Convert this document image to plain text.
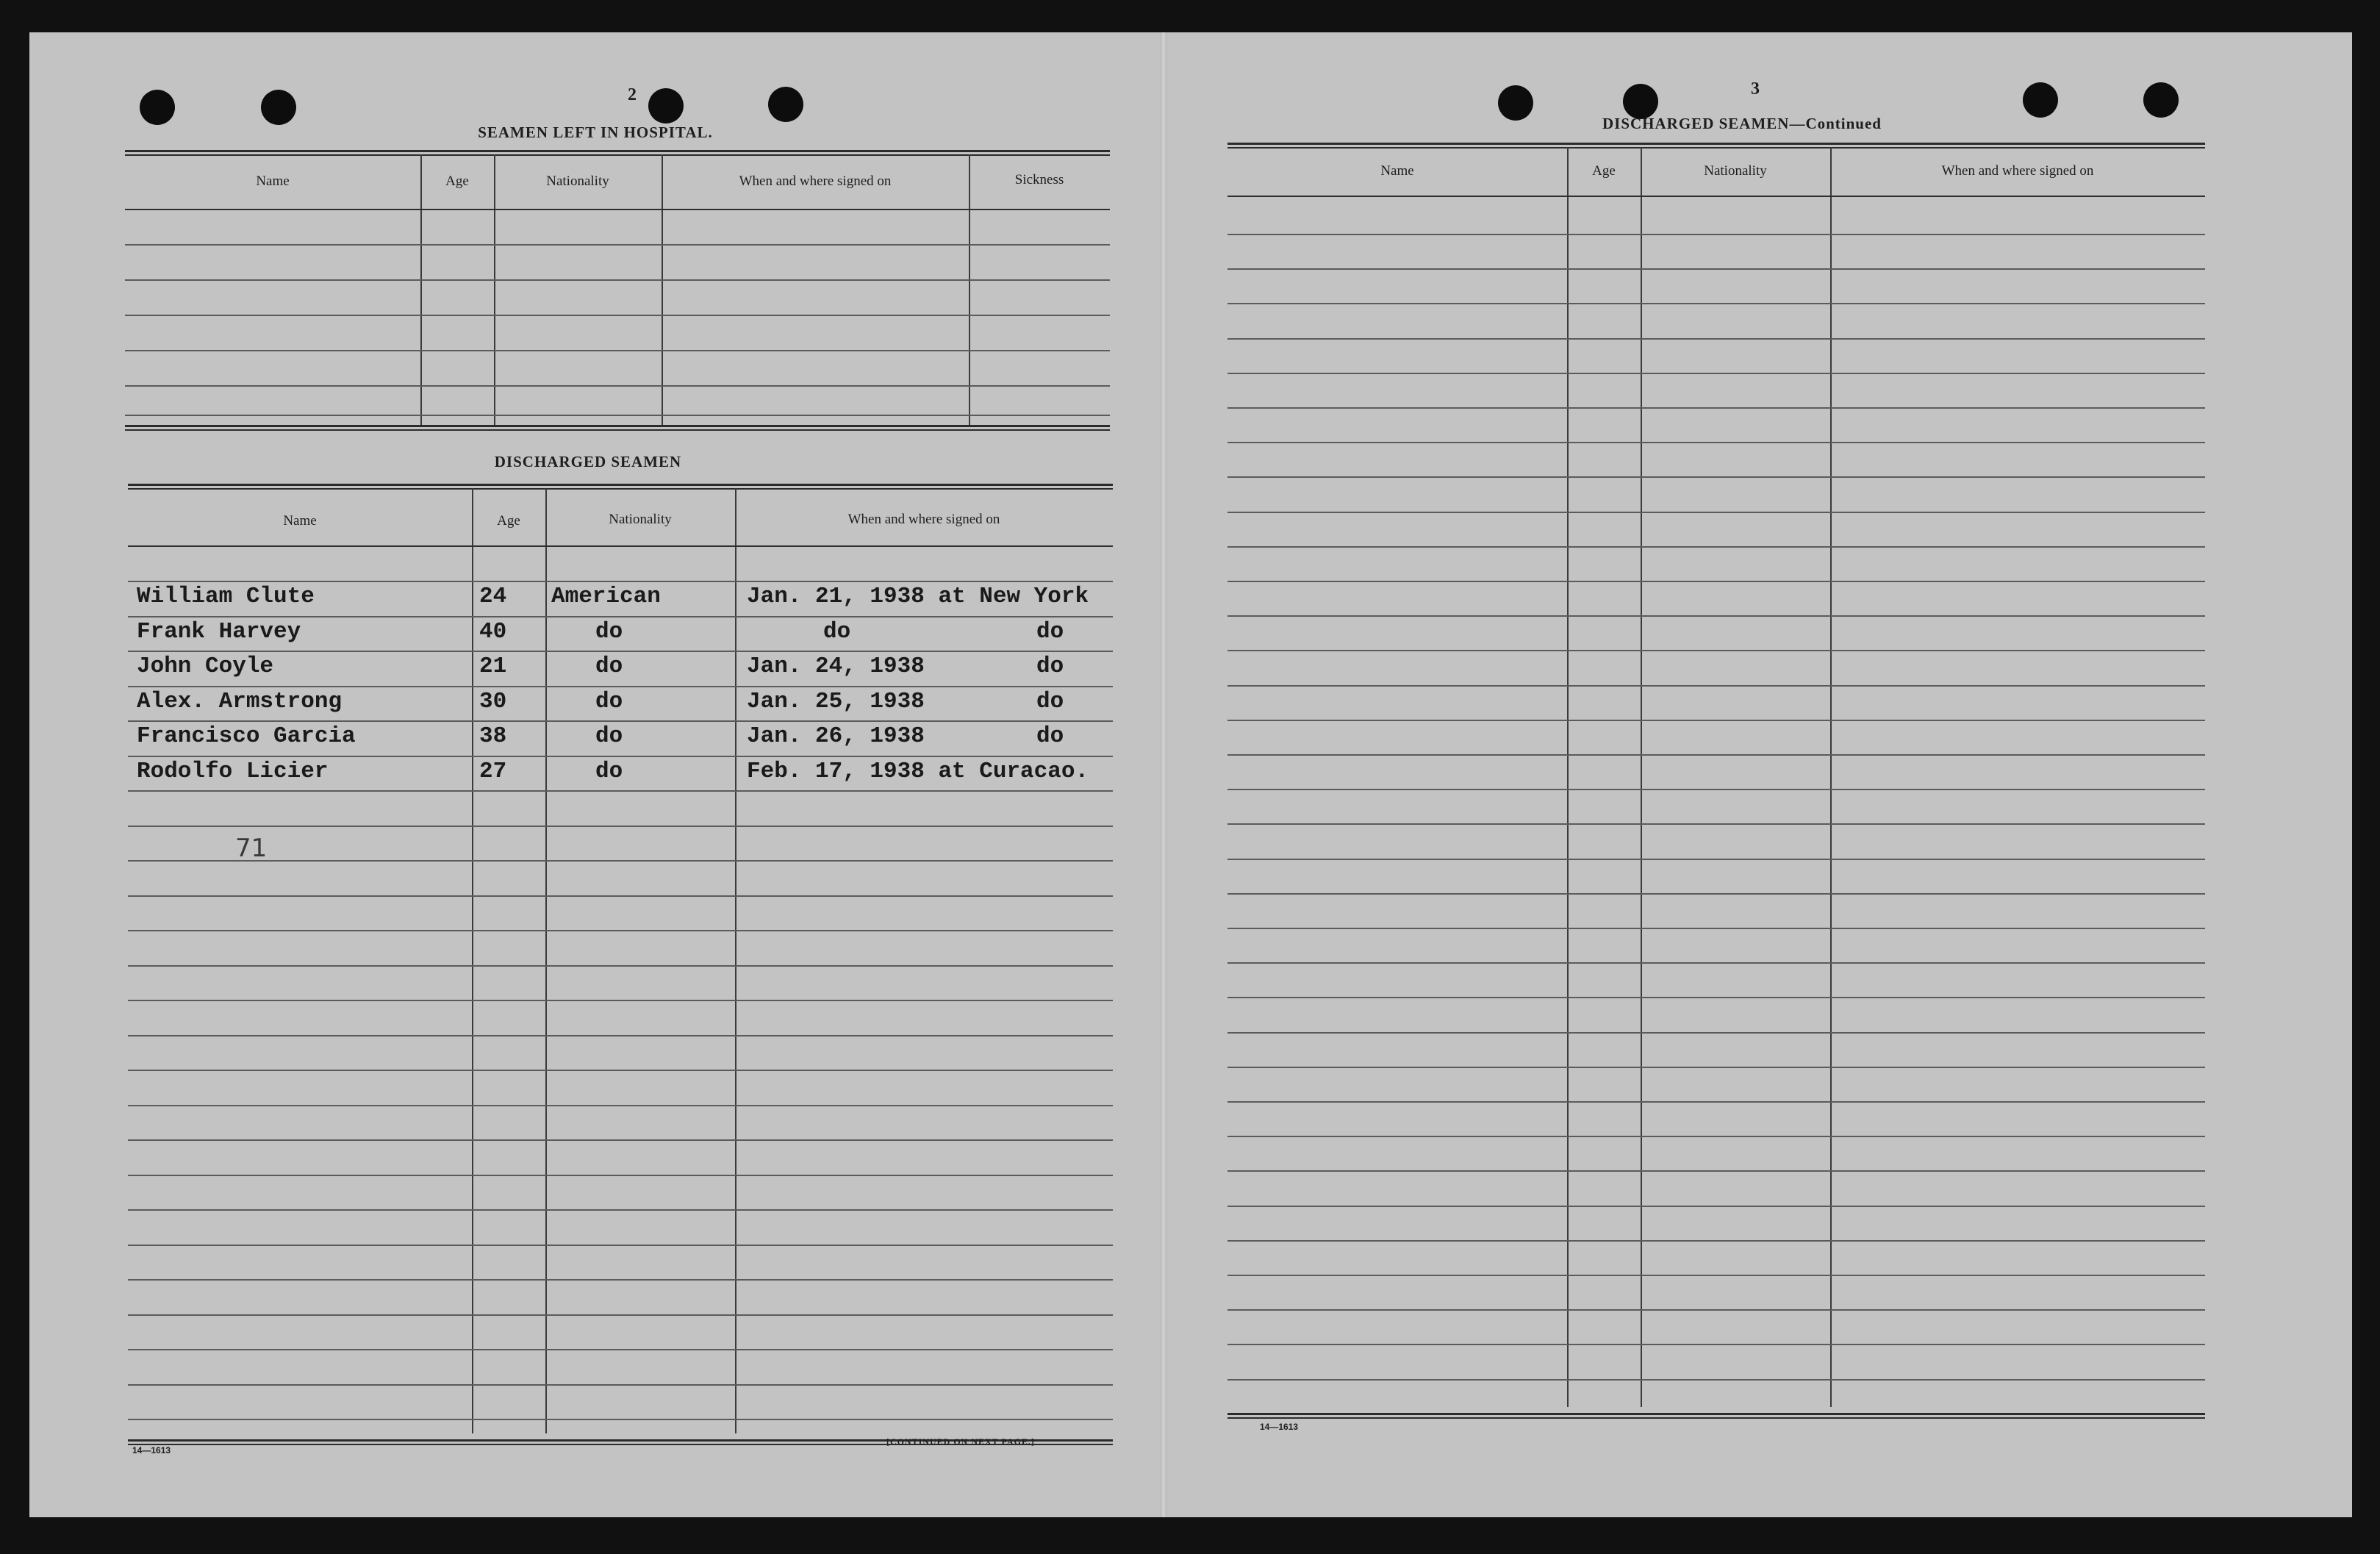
2
SEAMEN LEFT IN HOSPITAL.
Name	Age	Nationality	When and where signed on	Sickness
DISCHARGED SEAMEN
Name	Age	Nationality	When and where signed on
William Clute	24 American	Jan. 21, 1938 at New York
Frank Harvey	40	do	do	do
John Coyle	21	do	Jan. 24, 1938	do
Alex. Armstrong	30	do	Jan. 25, 1938	do
Francisco Garcia	38	do	Jan. 26, 1938	do
Rodolfo Licier	27	do	Feb. 17, 1938 at Curacao.
71
14—1613
[CONTINUED ON NEXT PAGE.]
3
DISCHARGED SEAMEN—Continued
Name	Age	Nationality	When and where signed on
14—1613
